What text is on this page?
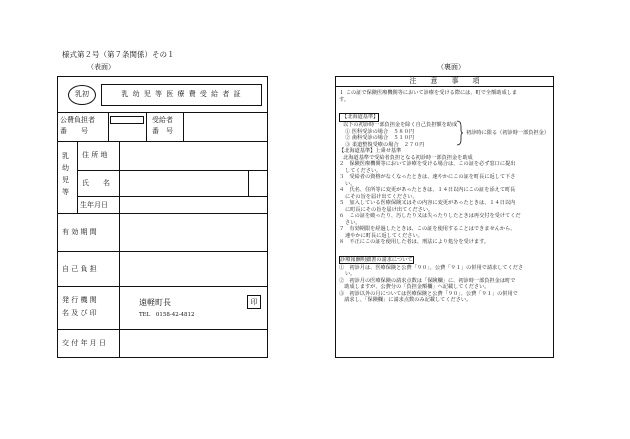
様式第２号（第７条関係）その１
（表面）	（裏面）
乳初	乳 幼 児 等 医 療 費 受 給 者 証
公費負担者
番　　号
受給者
番　号
乳
幼
児
等
住 所 地
氏　　名
生年月日
有 効 期 間
自 己 負 担
発 行 機 関
名 及 び 印
遠軽町長
TEL　0158-42-4812
印
交 付 年 月 日
注　　意　　事　　項
１ この証で保険医療機関等において診療を受ける際には、町で全額助成しま
す。
【北海道基準】
以下の初診時一部負担金を除く自己負担額を助成
① 医科受診の場合　５８０円
② 歯科受診の場合　５１０円
③ 柔道整復受療の場合　２７０円
【北海道基準】上乗せ基準
北海道基準で受給者負担となる初診時一部負担金を助成
２　保険医療機関等において診療を受ける場合は、この証を必ず窓口に提出
してください。
３　受給者の資格がなくなったときは、速やかにこの証を町長に返して下さ
い。
４　氏名、住所等に変更があったときは、１４日以内にこの証を添えて町長
にその旨を届け出てください。
５　加入している医療保険又はその内容に変更があったときは、１４日以内
に町長にその旨を届け出てください。
６　この証を破ったり、汚したり又は失ったりしたときは再交付を受けてくだ
さい。
７　有効期限を経過したときは、この証を使用することはできませんから、
速やかに町長に返してください。
８　不正にこの証を使用した者は、刑法により処分を受けます。
診療報酬明細書の請求について
①　初診月は、医療保険と公費「９０」、公費「９１」の併用で請求してくださ
い。
②　初診月の医療保険の請求点数は「保険欄」に、初診時一部負担金は町で
　助成しますが、公費分の「負担金額欄」へ記載してください。
③　初診以外の月については医療保険と公費「９０」、公費「９１」の併用で
　請求し、「保険欄」に請求点数のみ記載してください。
初診時に限る（初診時一部負担金）
